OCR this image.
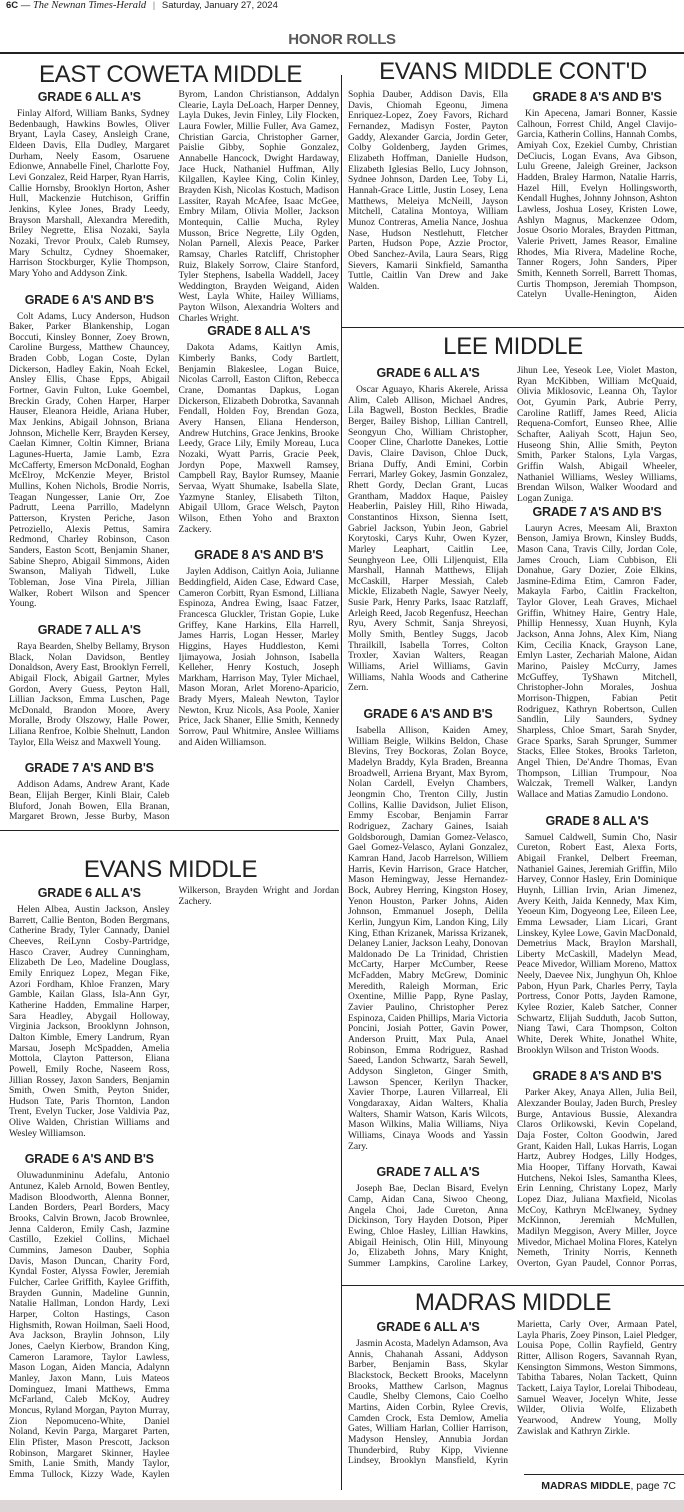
6C — The Newnan Times-Herald | Saturday, January 27, 2024
HONOR ROLLS
EAST COWETA MIDDLE
GRADE 6 ALL A'S

Finlay Alford, William Banks, Sydney Bedenbaugh, Hawkins Bowles, Oliver Bryant, Layla Casey, Ansleigh Crane, Eldeen Davis, Ella Dudley, Margaret Durham, Neely Easom, Osaruene Edionwe, Annabelle Finel, Charlotte Foy, Levi Gonzalez, Reid Harper, Ryan Harris, Callie Hornsby, Brooklyn Horton, Asher Hull, Mackenzie Hutchison, Griffin Jenkins, Kylee Jones, Brady Leedy, Brayson Marshall, Alexandra Meredith, Briley Negrette, Elisa Nozaki, Sayla Nozaki, Trevor Proulx, Caleb Rumsey, Mary Schultz, Cydney Shoemaker, Harrison Stockburger, Kylie Thompson, Mary Yoho and Addyson Zink.

GRADE 6 A'S AND B'S

Colt Adams, Lucy Anderson, Hudson Baker, Parker Blankenship, Logan Boccuti, Kinsley Bonner, Zoey Brown, Caroline Burgess, Matthew Chauncey, Braden Cobb, Logan Coste, Dylan Dickerson, Hadley Eakin, Noah Eckel, Ansley Ellis, Chase Epps, Abigail Fortner, Gavin Fulton, Luke Goembel, Breckin Grady, Cohen Harper, Harper Hauser, Eleanora Heidle, Ariana Huber, Max Jenkins, Abigail Johnson, Briana Johnson, Michelle Kerr, Brayden Kersey, Caelan Kimner, Coltin Kimner, Briana Lagunes-Huerta, Jamie Lamb, Ezra McCafferty, Emerson McDonald, Eoghan McElroy, McKenzie Meyer, Bristol Mullins, Kohen Nichols, Brodie Norris, Teagan Nungesser, Lanie Orr, Zoe Padrutt, Leena Parrillo, Madelynn Patterson, Krysten Periche, Jason Petroziello, Alexis Pettus, Samira Redmond, Charley Robinson, Cason Sanders, Easton Scott, Benjamin Shaner, Sabine Shepro, Abigail Simmons, Aiden Swanson, Maliyah Tidwell, Luke Tobleman, Jose Vina Pirela, Jillian Walker, Robert Wilson and Spencer Young.

GRADE 7 ALL A'S

Raya Bearden, Shelby Bellamy, Bryson Black, Nolan Davidson, Bentley Donaldson, Avery East, Brooklyn Ferrell, Abigail Flock, Abigail Gartner, Myles Gordon, Avery Guess, Peyton Hall, Lillian Jackson, Emma Luschen, Page McDonald, Brandon Moore, Avery Moralle, Brody Olszowy, Halle Power, Liliana Renfroe, Kolbie Shelnutt, Landon Taylor, Ella Weisz and Maxwell Young.

GRADE 7 A'S AND B'S

Addison Adams, Andrew Arant, Kade Bean, Elijah Berger, Kinli Blair, Caleb Bluford, Jonah Bowen, Ella Branan, Margaret Brown, Jesse Burby, Mason Byrom, Landon Christianson, Addalyn Clearie, Layla DeLoach, Harper Denney, Layla Dukes, Jevin Finley, Lily Flocken, Laura Fowler, Millie Fuller, Ava Gamez, Christian Garcia, Christopher Garner, Paislie Gibby, Sophie Gonzalez, Annabelle Hancock, Dwight Hardaway, Jace Huck, Nathaniel Huffman, Ally Kilgallen, Kaylee King, Colin Kinley, Brayden Kish, Nicolas Kostuch, Madison Lassiter, Rayah McAfee, Isaac McGee, Embry Milam, Olivia Moller, Jackson Montequin, Callie Mucha, Ryley Musson, Brice Negrette, Lily Ogden, Nolan Parnell, Alexis Peace, Parker Ramsay, Charles Ratcliff, Christopher Ruiz, Blakely Sorrow, Claire Stanford, Tyler Stephens, Isabella Waddell, Jacey Weddington, Brayden Weigand, Aiden West, Layla White, Hailey Williams, Payton Wilson, Alexandria Wolters and Charles Wright.

GRADE 8 ALL A'S

Dakota Adams, Kaitlyn Amis, Kimberly Banks, Cody Bartlett, Benjamin Blakeslee, Logan Buice, Nicolas Carroll, Easton Clifton, Rebecca Crane, Domantas Dapkus, Logan Dickerson, Elizabeth Dobrotka, Savannah Fendall, Holden Foy, Brendan Goza, Avery Hansen, Eliana Henderson, Andrew Hutchins, Grace Jenkins, Brooke Leedy, Grace Lily, Emily Moreau, Luca Nozaki, Wyatt Parris, Gracie Peek, Jordyn Pope, Maxwell Ramsey, Campbell Ray, Baylor Rumsey, Maanie Servaa, Wyatt Shumake, Isabella Slate, Yazmyne Stanley, Elisabeth Tilton, Abigail Ullom, Grace Welsch, Payton Wilson, Ethen Yoho and Braxton Zackery.

GRADE 8 A'S AND B'S

Jaylen Addison, Caitlyn Aoia, Julianne Beddingfield, Aiden Case, Edward Case, Cameron Corbitt, Ryan Esmond, Lilliana Espinoza, Andrea Ewing, Isaac Fatzer, Francesca Gluckler, Tristan Gopie, Luke Griffey, Kane Harkins, Ella Harrell, James Harris, Logan Hesser, Marley Higgins, Hayes Huddleston, Kemi Ijimayowa, Josiah Johnson, Isabella Kelleher, Henry Kostuch, Joseph Markham, Harrison May, Tyler Michael, Mason Moran, Arlet Moreno-Aparicio, Brady Myers, Maleah Newton, Taylor Newton, Kruz Nicols, Asa Poole, Xanier Price, Jack Shaner, Ellie Smith, Kennedy Sorrow, Paul Whitmire, Anslee Williams and Aiden Williamson.

EVANS MIDDLE CONT'D

Sophia Dauber, Addison Davis, Ella Davis, Chiomah Egeonu, Jimena Enriquez-Lopez, Zoey Favors, Richard Fernandez, Madisyn Foster, Payton Gaddy, Alexander Garcia, Jordin Geter, Colby Goldenberg, Jayden Grimes, Elizabeth Hoffman, Danielle Hudson, Elizabeth Iglesias Bello, Lucy Johnson, Sydnee Johnson, Darden Lee, Toby Li, Hannah-Grace Little, Justin Losey, Lena Matthews, Meleiya McNeill, Jayson Mitchell, Catalina Montoya, William Munoz Contreras, Amelia Nance, Joshua Nase, Hudson Nestlehutt, Fletcher Parten, Hudson Pope, Azzie Proctor, Obed Sanchez-Avila, Laura Sears, Rigg Sievers, Kamarii Sinkfield, Samantha Tuttle, Caitlin Van Drew and Jake Walden.

GRADE 8 A'S AND B'S

Kin Apecena, Jamari Bonner, Kassie Calhoun, Forrest Child, Angel Clavijo-Garcia, Katherin Collins, Hannah Combs, Amiyah Cox, Ezekiel Cumby, Christian DeCiucis, Logan Evans, Ava Gibson, Lulu Greene, Jaleigh Greiner, Jackson Hadden, Braley Harmon, Natalie Harris, Hazel Hill, Evelyn Hollingsworth, Kendall Hughes, Johnny Johnson, Ashton Lawless, Joshua Losey, Kristen Lowe, Ashlyn Magnus, Mackenzee Odom, Josue Osorio Morales, Brayden Pittman, Valerie Privett, James Reasor, Emaline Rhodes, Mia Rivera, Madeline Roche, Tanner Rogers, John Sanders, Piper Smith, Kenneth Sorrell, Barrett Thomas, Curtis Thompson, Jeremiah Thompson, Catelyn Uvalle-Henington, Aiden

LEE MIDDLE
GRADE 6 ALL A'S

Oscar Aguayo, Kharis Akerele, Arissa Alim, Caleb Allison, Michael Andres, Lila Bagwell, Boston Beckles, Bradie Berger, Bailey Bishop, Lillian Cantrell, Seongyun Cho, William Christopher, Cooper Cline, Charlotte Danekes, Lottie Davis, Claire Davison, Chloe Duck, Briana Duffy, Andi Emini, Corbin Ferrari, Marley Gokey, Jasmin Gonzalez, Rhett Gordy, Declan Grant, Lucas Grantham, Maddox Haque, Paisley Heaberlin, Paisley Hill, Riho Hiwada, Constantinos Hixson, Sienna Isett, Gabriel Jackson, Yubin Jeon, Gabriel Korytoski, Carys Kuhr, Owen Kyzer, Marley Leaphart, Caitlin Lee, Seunghyeon Lee, Olli Liljenquist, Ella Marshall, Hannah Matthews, Elijah McCaskill, Harper Messiah, Caleb Mickle, Elizabeth Nagle, Sawyer Neely, Susie Park, Henry Parks, Isaac Ratzlaff, Arleigh Reed, Jacob Regenfusz, Heechan Ryu, Avery Schmit, Sanja Shreyosi, Molly Smith, Bentley Suggs, Jacob Thrailkill, Isabella Torres, Colton Troxler, Xavian Walters, Reagan Williams, Ariel Williams, Gavin Williams, Nahla Woods and Catherine Zern.

GRADE 6 A'S AND B'S

Isabella Allison, Kaiden Amey, William Beigle, Wilkins Beldon, Chase Blevins, Trey Bockoras, Zolan Boyce, Madelyn Braddy, Kyla Braden, Breanna Broadwell, Arriena Bryant, Max Byrom, Nolan Cardell, Evelyn Chambers, Jeongmin Cho, Trenton Cilly, Justin Collins, Kallie Davidson, Juliet Elison, Emmy Escobar, Benjamin Farrar Rodriguez, Zachary Gaines, Isaiah Goldsborough, Damian Gomez-Velasco, Gael Gomez-Velasco, Aylani Gonzalez, Kamran Hand, Jacob Harrelson, Williem Harris, Kevin Harrison, Grace Hatcher, Mason Hemingway, Jesse Hernandez-Bock, Aubrey Herring, Kingston Hosey, Yenon Houston, Parker Johns, Aiden Johnson, Emmanuel Joseph, Delila Kerlin, Jungyun Kim, Landon King, Lily King, Ethan Krizanek, Marissa Krizanek, Delaney Lanier, Jackson Leahy, Donovan Maldonado De La Trinidad, Christien McCarty, Harper McCumber, Reese McFadden, Mabry McGrew, Dominic Meredith, Raleigh Morman, Eric Oxentine, Millie Papp, Ryne Paslay, Zavier Paulino, Christopher Perez Espinoza, Caiden Phillips, Maria Victoria Poncini, Josiah Potter, Gavin Power, Anderson Pruitt, Max Pula, Anael Robinson, Emma Rodriguez, Rashad Saeed, Landon Schwartz, Sarah Sewell, Addyson Singleton, Ginger Smith, Lawson Spencer, Kerilyn Thacker, Xavier Thorpe, Lauren Villarreal, Eli Vongdaraxay, Aidan Walters, Khalia Walters, Shamir Watson, Karis Wilcots, Mason Wilkins, Malia Williams, Niya Williams, Cinaya Woods and Yassin Zary.

GRADE 7 ALL A'S

Joseph Bae, Declan Bisard, Evelyn Camp, Aidan Cana, Siwoo Cheong, Angela Choi, Jade Cureton, Anna Dickinson, Tory Hayden Dotson, Piper Ewing, Chloe Hasley, Lillian Hawkins, Abigail Heinisch, Olin Hill, Minyoung Jo, Elizabeth Johns, Mary Knight, Summer Lampkins, Caroline Larkey, Jihun Lee, Yeseok Lee, Violet Maston, Ryan McKibben, William McQuaid, Olivia Miklosovic, Leanna Oh, Taylor Oot, Gyumin Park, Aubrie Perry, Caroline Ratliff, James Reed, Alicia Requena-Comfort, Eunseo Rhee, Allie Schafter, Aaliyah Scott, Hajun Seo, Huseong Shin, Allie Smith, Peyton Smith, Parker Stalons, Lyla Vargas, Griffin Walsh, Abigail Wheeler, Nathaniel Williams, Wesley Williams, Brendan Wilson, Walker Woodard and Logan Zuniga.

GRADE 7 A'S AND B'S

Lauryn Acres, Meesam Ali, Braxton Benson, Jamiya Brown, Kinsley Budds, Mason Cana, Travis Cilly, Jordan Cole, James Crouch, Liam Cubbison, Eli Donahue, Gary Dozier, Zoie Elkins, Jasmine-Edima Etim, Camron Fader, Makayla Farbo, Caitlin Frackelton, Taylor Glover, Leah Graves, Michael Griffin, Whitney Haire, Gentry Hale, Phillip Hennessy, Xuan Huynh, Kyla Jackson, Anna Johns, Alex Kim, Niang Kim, Cecilia Knack, Grayson Lane, Emlyn Laster, Zechariah Malone, Aidan Marino, Paisley McCurry, James McGuffey, TyShawn Mitchell, Christopher-John Morales, Joshua Morrison-Thigpen, Fabian Petit Rodriguez, Kathryn Robertson, Cullen Sandlin, Lily Saunders, Sydney Sharpless, Chloe Smart, Sarah Snyder, Grace Sparks, Sarah Sprunger, Summer Stacks, Ellee Stokes, Brooks Tarleton, Angel Thien, De'Andre Thomas, Evan Thompson, Lillian Trumpour, Noa Walczak, Tremell Walker, Landyn Wallace and Matias Zamudio Londono.

GRADE 8 ALL A'S

Samuel Caldwell, Sumin Cho, Nasir Cureton, Robert East, Alexa Forts, Abigail Frankel, Delbert Freeman, Nathaniel Gaines, Jeremiah Griffin, Milo Harvey, Connor Hasley, Erin Dominique Huynh, Lillian Irvin, Arian Jimenez, Avery Keith, Jaida Kennedy, Max Kim, Yeoeun Kim, Dogyeong Lee, Eileen Lee, Emma Lewsader, Liam Licari, Grant Linskey, Kylee Lowe, Gavin MacDonald, Demetrius Mack, Braylon Marshall, Liberty McCaskill, Madelyn Mead, Peace Mivedor, William Moreno, Mattox Neely, Daevee Nix, Junghyun Oh, Khloe Pabon, Hyun Park, Charles Perry, Tayla Portress, Conor Potts, Jayden Ramone, Kylee Rozier, Kaleb Satcher, Conner Schwartz, Elijah Sudduth, Jacob Sutton, Niang Tawi, Cara Thompson, Colton White, Derek White, Jonathel White, Brooklyn Wilson and Triston Woods.

GRADE 8 A'S AND B'S

Parker Akey, Anaya Allen, Julia Beil, Alexzander Boulay, Jaden Burch, Presley Burge, Antavious Bussie, Alexandra Claros Orlikowski, Kevin Copeland, Daja Foster, Colton Goodwin, Jared Grant, Kaiden Hall, Lukas Harris, Logan Hartz, Aubrey Hodges, Lilly Hodges, Mia Hooper, Tiffany Horvath, Kawai Hutchens, Nekoi Isles, Samantha Klees, Erin Lenning, Christany Lopez, Marly Lopez Diaz, Juliana Maxfield, Nicolas McCoy, Kathryn McElwaney, Sydney McKinnon, Jeremiah McMullen, Madilyn Meggison, Avery Miller, Joyce Mivedor, Michael Molina Flores, Katelyn Nemeth, Trinity Norris, Kenneth Overton, Gyan Paudel, Connor Porras,

EVANS MIDDLE
GRADE 6 ALL A'S

Helen Albea, Austin Jackson, Ansley Barrett, Callie Benton, Boden Bergmans, Catherine Brady, Tyler Cannady, Daniel Cheeves, ReiLynn Cosby-Partridge, Hasco Craver, Audrey Cunningham, Elizabeth De Leo, Madeline Douglass, Emily Enriquez Lopez, Megan Fike, Azori Fordham, Khloe Franzen, Mary Gamble, Kailan Glass, Isla-Ann Gyr, Katherine Hadden, Emmaline Harper, Sara Headley, Abygail Holloway, Virginia Jackson, Brooklynn Johnson, Dalton Kimble, Emery Landrum, Ryan Marsau, Joseph McSpadden, Amelia Mottola, Clayton Patterson, Eliana Powell, Emily Roche, Naseem Ross, Jillian Rossey, Jaxon Sanders, Benjamin Smith, Owen Smith, Peyton Snider, Hudson Tate, Paris Thornton, Landon Trent, Evelyn Tucker, Jose Valdivia Paz, Olive Walden, Christian Williams and Wesley Williamson.

GRADE 6 A'S AND B'S

Oluwadunmininu Adefalu, Antonio Antunez, Kaleb Arnold, Bowen Bentley, Madison Bloodworth, Alenna Bonner, Landen Borders, Pearl Borders, Macy Brooks, Calvin Brown, Jacob Brownlee, Jenna Calderon, Emily Cash, Jazmine Castillo, Ezekiel Collins, Michael Cummins, Jameson Dauber, Sophia Davis, Mason Duncan, Charity Ford, Kyndal Foster, Alyssa Fowler, Jeremiah Fulcher, Carlee Griffith, Kaylee Griffith, Brayden Gunnin, Madeline Gunnin, Natalie Hallman, London Hardy, Lexi Harper, Colton Hastings, Cason Highsmith, Rowan Hoilman, Saeli Hood, Ava Jackson, Braylin Johnson, Lily Jones, Caelyn Kierbow, Brandon King, Cameron Laramore, Taylor Lawless, Mason Logan, Aiden Mancia, Adalynn Manley, Jaxon Mann, Luis Mateos Dominguez, Imani Matthews, Emma McFarland, Caleb McKoy, Audrey Moncus, Ryland Morgan, Payton Murray, Zion Nepomuceno-White, Daniel Noland, Kevin Parga, Margaret Parten, Elin Pfister, Mason Prescott, Jackson Robinson, Margaret Skinner, Haylee Smith, Lanie Smith, Mandy Taylor, Emma Tullock, Kizzy Wade, Kaylen Wilkerson, Brayden Wright and Jordan Zachery.

MADRAS MIDDLE
GRADE 6 ALL A'S

Jasmin Acosta, Madelyn Adamson, Ava Annis, Chahanah Assani, Addyson Barber, Benjamin Bass, Skylar Blackstock, Beckett Brooks, Macelynn Brooks, Matthew Carlson, Magnus Caudle, Shelby Clemons, Caio Coelho Martins, Aiden Corbin, Rylee Crevis, Camden Crock, Esta Demlow, Amelia Gates, William Harlan, Collier Harrison, Madyson Hensley, Annubia Jordan Thunderbird, Ruby Kipp, Vivienne Lindsey, Brooklyn Mansfield, Kyrin Marietta, Carly Over, Armaan Patel, Layla Pharis, Zoey Pinson, Laiel Pledger, Louisa Pope, Collin Rayfield, Gentry Ritter, Allison Rogers, Savannah Ryan, Kensington Simmons, Weston Simmons, Tabitha Tabares, Nolan Tackett, Quinn Tackett, Laiya Taylor, Lorelai Thibodeau, Samuel Weaver, Jocelyn White, Jesse Wilder, Olivia Wolfe, Elizabeth Yearwood, Andrew Young, Molly Zawislak and Kathryn Zirkle.

MADRAS MIDDLE, page 7C
